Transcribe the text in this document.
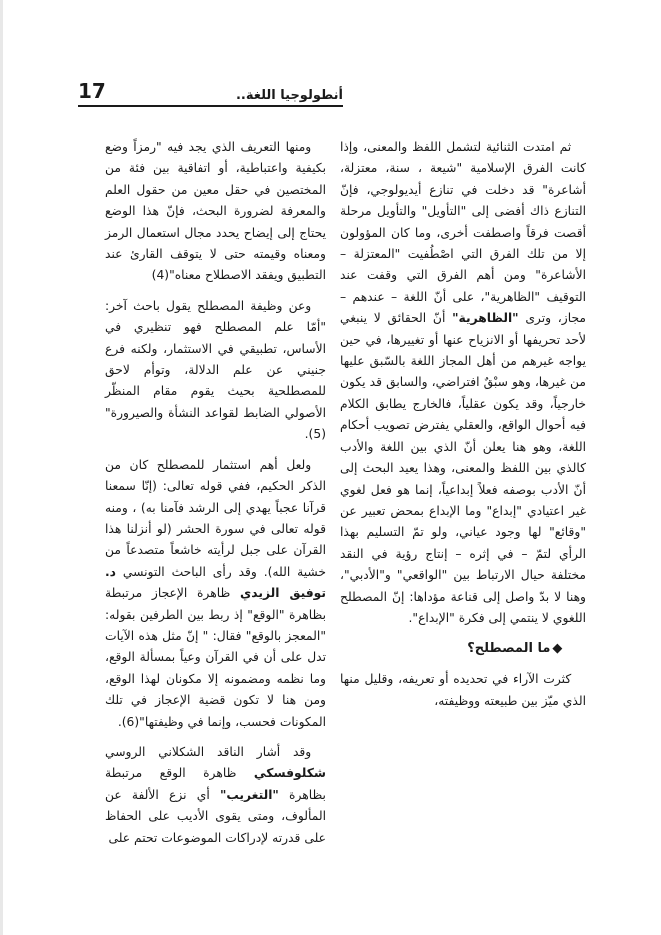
17	أنطولوجيا اللغة..

ثم امتدت الثنائية لتشمل اللفظ والمعنى، وإذا كانت الفرق الإسلامية "شيعة ، سنة، معتزلة، أشاعرة" قد دخلت في تنازع أيديولوجي، فإنّ التنازع ذاك أفضى إلى "التأويل" والتأويل مرحلة أقصت فرقاً واصطفت أخرى، وما كان المؤولون إلا من تلك الفرق التي اصْطُفيت "المعتزلة – الأشاعرة" ومن أهم الفرق التي وقفت عند التوقيف "الظاهرية"، على أنّ اللغة – عندهم – مجاز، وترى "الظاهرية" أنّ الحقائق لا ينبغي لأحد تحريفها أو الانزياح عنها أو تغييرها، في حين يواجه غيرهم من أهل المجاز اللغة بالسّبق عليها من غيرها، وهو سبْقٌ افتراضي، والسابق قد يكون خارجياً، وقد يكون عقلياً، فالخارج يطابق الكلام فيه أحوال الواقع، والعقلي يفترض تصويب أحكام اللغة، وهو هنا يعلن أنّ الذي بين اللغة والأدب كالذي بين اللفظ والمعنى، وهذا يعيد البحث إلى أنّ الأدب بوصفه فعلاً إبداعياً، إنما هو فعل لغوي غير اعتيادي "إبداع" وما الإبداع بمحض تعبير عن "وقائع" لها وجود عياني، ولو تمّ التسليم بهذا الرأي لتمّ – في إثره – إنتاج رؤية في النقد مختلفة حيال الارتباط بين "الواقعي" و"الأدبي"، وهنا لا بدّ واصل إلى قناعة مؤداها: إنّ المصطلح اللغوي لا ينتمي إلى فكرة "الإبداع".

◆ما المصطلح؟

كثرت الآراء في تحديده أو تعريفه، وقليل منها الذي ميّز بين طبيعته ووظيفته،

ومنها التعريف الذي يجد فيه "رمزاً وضع بكيفية واعتباطية، أو اتفاقية بين فئة من المختصين في حقل معين من حقول العلم والمعرفة لضرورة البحث، فإنّ هذا الوضع يحتاج إلى إيضاح يحدد مجال استعمال الرمز ومعناه وقيمته حتى لا يتوقف القارئ عند التطبيق ويفقد الاصطلاح معناه"(4)

وعن وظيفة المصطلح يقول باحث آخر: "أمّا علم المصطلح فهو تنظيري في الأساس، تطبيقي في الاستثمار، ولكنه فرع جنيني عن علم الدلالة، وتوأم لاحق للمصطلحية بحيث يقوم مقام المنظّر الأصولي الضابط لقواعد النشأة والصيرورة"(5).

ولعل أهم استثمار للمصطلح كان من الذكر الحكيم، ففي قوله تعالى: (إنّا سمعنا قرآنا عجباً يهدي إلى الرشد فآمنا به) ، ومنه قوله تعالى في سورة الحشر (لو أنزلنا هذا القرآن على جبل لرأيته خاشعاً متصدعاً من خشية الله). وقد رأى الباحث التونسي د. توفيق الزيدي ظاهرة الإعجاز مرتبطة بظاهرة "الوقع" إذ ربط بين الطرفين بقوله: "المعجز بالوقع" فقال: " إنّ مثل هذه الآيات تدل على أن في القرآن وعياً بمسألة الوقع، وما نظمه ومضمونه إلا مكونان لهذا الوقع، ومن هنا لا تكون قضية الإعجاز في تلك المكونات فحسب، وإنما في وظيفتها"(6).

وقد أشار الناقد الشكلاني الروسي شكلوفسكي ظاهرة الوقع مرتبطة بظاهرة "التغريب" أي نزع الألفة عن المألوف، ومتى يقوى الأديب على الحفاظ على قدرته لإدراكات الموضوعات تحتم على
